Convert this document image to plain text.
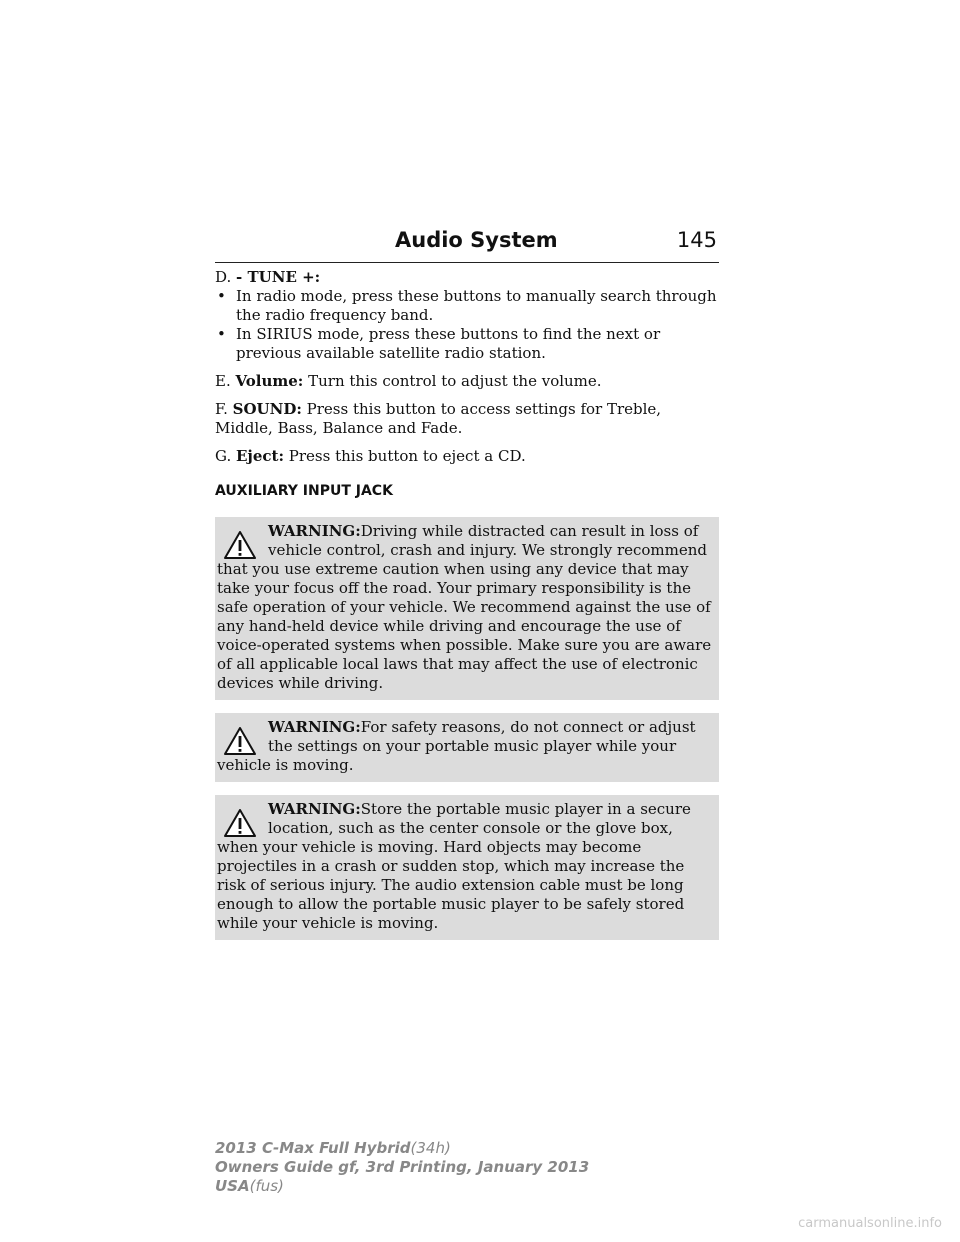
Audio System	145

D. - TUNE +:

• In radio mode, press these buttons to manually search through the radio frequency band.
• In SIRIUS mode, press these buttons to find the next or previous available satellite radio station.

E. Volume: Turn this control to adjust the volume.

F. SOUND: Press this button to access settings for Treble, Middle, Bass, Balance and Fade.

G. Eject: Press this button to eject a CD.

AUXILIARY INPUT JACK
WARNING:Driving while distracted can result in loss of vehicle control, crash and injury. We strongly recommend that you use extreme caution when using any device that may take your focus off the road. Your primary responsibility is the safe operation of your vehicle. We recommend against the use of any hand-held device while driving and encourage the use of voice-operated systems when possible. Make sure you are aware of all applicable local laws that may affect the use of electronic devices while driving.
WARNING:For safety reasons, do not connect or adjust the settings on your portable music player while your vehicle is moving.
WARNING:Store the portable music player in a secure location, such as the center console or the glove box, when your vehicle is moving. Hard objects may become projectiles in a crash or sudden stop, which may increase the risk of serious injury. The audio extension cable must be long enough to allow the portable music player to be safely stored while your vehicle is moving.
2013 C-Max Full Hybrid(34h)
Owners Guide gf, 3rd Printing, January 2013
USA(fus)
carmanualsonline.info
